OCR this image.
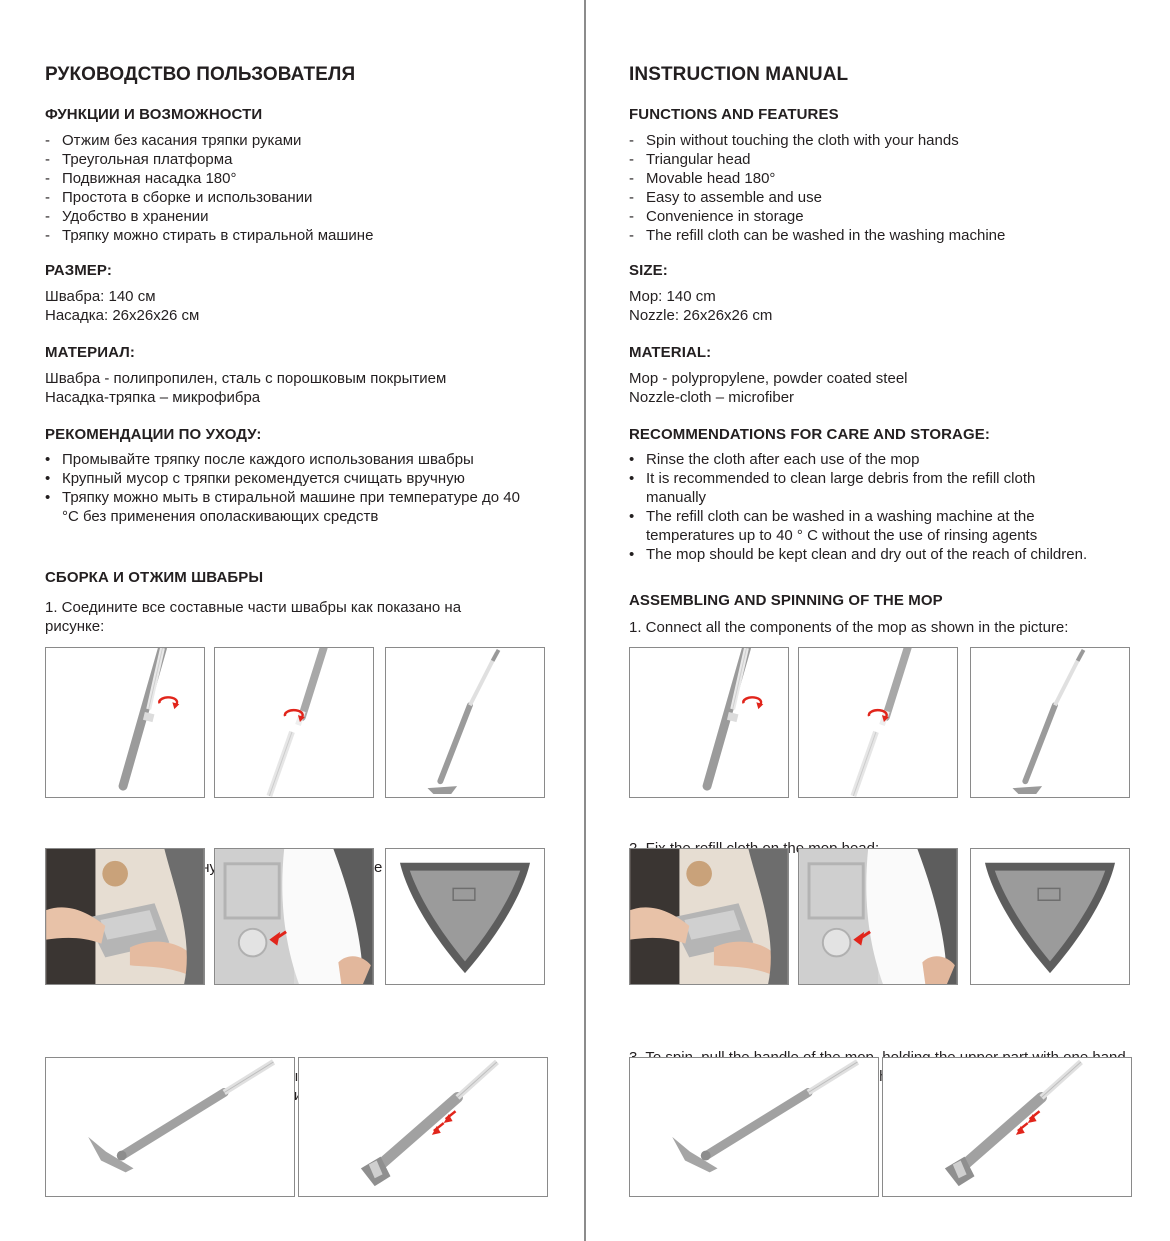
РУКОВОДСТВО ПОЛЬЗОВАТЕЛЯ
ФУНКЦИИ И ВОЗМОЖНОСТИ
- Отжим без касания тряпки руками
- Треугольная платформа
- Подвижная насадка 180°
- Простота в сборке и использовании
- Удобство в хранении
- Тряпку можно стирать в стиральной машине
РАЗМЕР:
Швабра: 140 см
Насадка: 26х26х26 см
МАТЕРИАЛ:
Швабра - полипропилен, сталь с порошковым покрытием
Насадка-тряпка – микрофибра
РЕКОМЕНДАЦИИ ПО УХОДУ:
• Промывайте тряпку после каждого использования швабры
• Крупный мусор с тряпки рекомендуется счищать вручную
• Тряпку можно мыть в стиральной машине при температуре до 40 °С без применения ополаскивающих средств
СБОРКА И ОТЖИМ ШВАБРЫ
1. Соедините все составные части швабры как показано на рисунке:
INSTRUCTION MANUAL
FUNCTIONS AND FEATURES
- Spin without touching the cloth with your hands
- Triangular head
- Movable head 180°
- Easy to assemble and use
- Convenience in storage
- The refill cloth can be washed in the washing machine
SIZE:
Mop: 140 cm
Nozzle: 26x26x26 cm
MATERIAL:
Mop - polypropylene, powder coated steel
Nozzle-cloth – microfiber
RECOMMENDATIONS FOR CARE AND STORAGE:
• Rinse the cloth after each use of the mop
• It is recommended to clean large debris from the refill cloth manually
• The refill cloth can be washed in a washing machine at the temperatures up to 40 ° C without the use of rinsing agents
• The mop should be kept clean and dry out of the reach of children.
ASSEMBLING AND SPINNING OF THE MOP
1. Connect all the components of the mop as shown in the picture:
the
